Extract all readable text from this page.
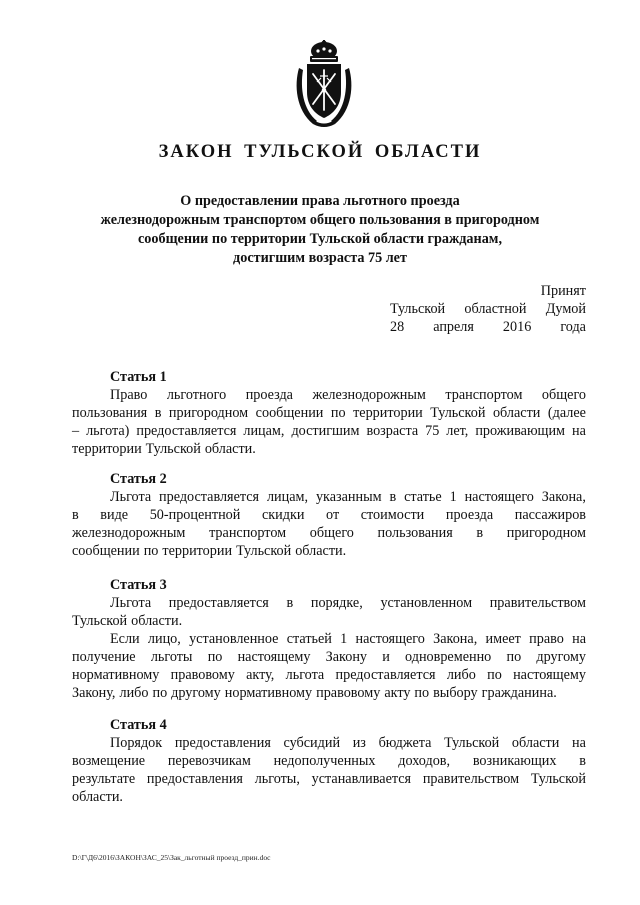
ЗАКОН ТУЛЬСКОЙ ОБЛАСТИ
О предоставлении права льготного проезда
железнодорожным транспортом общего пользования в пригородном
сообщении по территории Тульской области гражданам,
достигшим возраста 75 лет
Принят
Тульской областной Думой
28 апреля 2016 года
Статья 1
Право льготного проезда железнодорожным транспортом общего
пользования в пригородном сообщении по территории Тульской области (далее
– льгота) предоставляется лицам, достигшим возраста 75 лет, проживающим на
территории Тульской области.
Статья 2
Льгота предоставляется лицам, указанным в статье 1 настоящего Закона,
в виде 50-процентной скидки от стоимости проезда пассажиров
железнодорожным транспортом общего пользования в пригородном
сообщении по территории Тульской области.
Статья 3
Льгота предоставляется в порядке, установленном правительством
Тульской области.
Если лицо, установленное статьей 1 настоящего Закона, имеет право на
получение льготы по настоящему Закону и одновременно по другому
нормативному правовому акту, льгота предоставляется либо по настоящему
Закону, либо по другому нормативному правовому акту по выбору гражданина.
Статья 4
Порядок предоставления субсидий из бюджета Тульской области на
возмещение перевозчикам недополученных доходов, возникающих в
результате предоставления льготы, устанавливается правительством Тульской
области.
D:\Г\Д6\2016\ЗАКОН\ЗАС_25\Зак_льготный проезд_прин.doc
